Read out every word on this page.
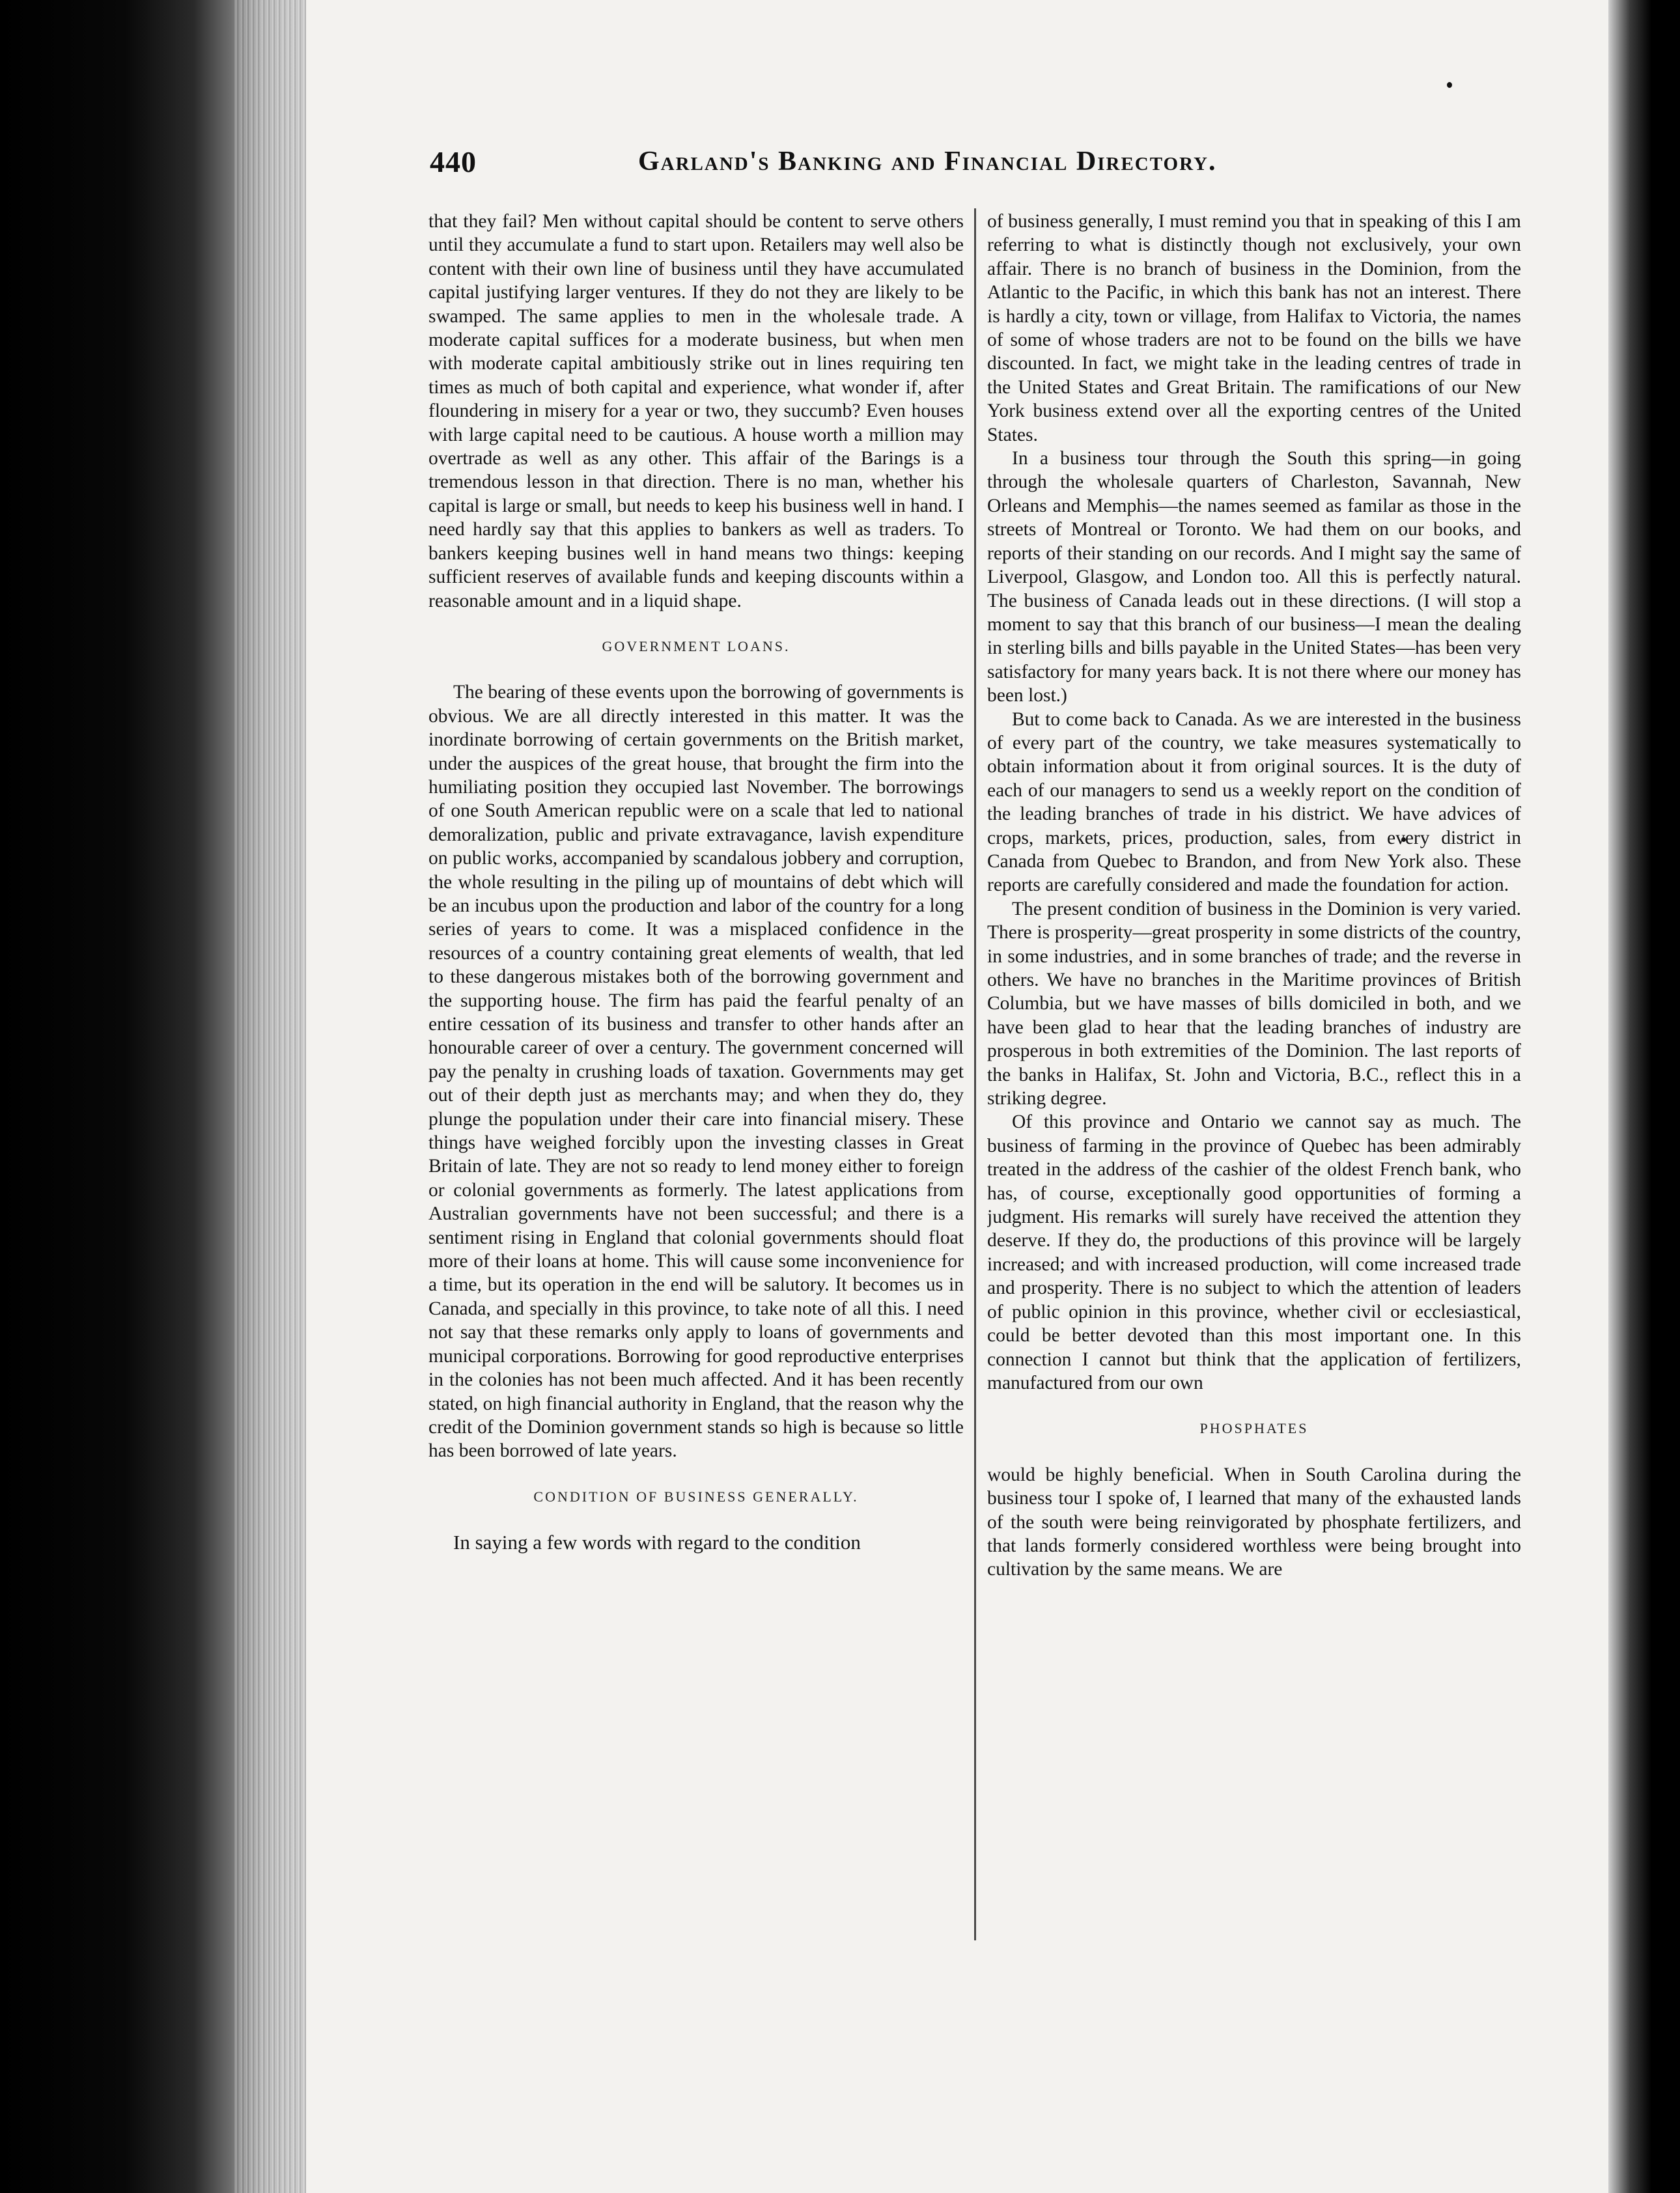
440	Garland's Banking and Financial Directory.

that they fail? Men without capital should be content to serve others until they accumulate a fund to start upon. Retailers may well also be content with their own line of business until they have accumulated capital justifying larger ventures. If they do not they are likely to be swamped. The same applies to men in the wholesale trade. A moderate capital suffices for a moderate business, but when men with moderate capital ambitiously strike out in lines requiring ten times as much of both capital and experience, what wonder if, after floundering in misery for a year or two, they succumb? Even houses with large capital need to be cautious. A house worth a million may overtrade as well as any other. This affair of the Barings is a tremendous lesson in that direction. There is no man, whether his capital is large or small, but needs to keep his business well in hand. I need hardly say that this applies to bankers as well as traders. To bankers keeping busines well in hand means two things: keeping sufficient reserves of available funds and keeping discounts within a reasonable amount and in a liquid shape.

GOVERNMENT LOANS.

The bearing of these events upon the borrowing of governments is obvious. We are all directly interested in this matter. It was the inordinate borrowing of certain governments on the British market, under the auspices of the great house, that brought the firm into the humiliating position they occupied last November. The borrowings of one South American republic were on a scale that led to national demoralization, public and private extravagance, lavish expenditure on public works, accompanied by scandalous jobbery and corruption, the whole resulting in the piling up of mountains of debt which will be an incubus upon the production and labor of the country for a long series of years to come. It was a misplaced confidence in the resources of a country containing great elements of wealth, that led to these dangerous mistakes both of the borrowing government and the supporting house. The firm has paid the fearful penalty of an entire cessation of its business and transfer to other hands after an honourable career of over a century. The government concerned will pay the penalty in crushing loads of taxation. Governments may get out of their depth just as merchants may; and when they do, they plunge the population under their care into financial misery. These things have weighed forcibly upon the investing classes in Great Britain of late. They are not so ready to lend money either to foreign or colonial governments as formerly. The latest applications from Australian governments have not been successful; and there is a sentiment rising in England that colonial governments should float more of their loans at home. This will cause some inconvenience for a time, but its operation in the end will be salutory. It becomes us in Canada, and specially in this province, to take note of all this. I need not say that these remarks only apply to loans of governments and municipal corporations. Borrowing for good reproductive enterprises in the colonies has not been much affected. And it has been recently stated, on high financial authority in England, that the reason why the credit of the Dominion government stands so high is because so little has been borrowed of late years.

CONDITION OF BUSINESS GENERALLY.

In saying a few words with regard to the condition

of business generally, I must remind you that in speaking of this I am referring to what is distinctly though not exclusively, your own affair. There is no branch of business in the Dominion, from the Atlantic to the Pacific, in which this bank has not an interest. There is hardly a city, town or village, from Halifax to Victoria, the names of some of whose traders are not to be found on the bills we have discounted. In fact, we might take in the leading centres of trade in the United States and Great Britain. The ramifications of our New York business extend over all the exporting centres of the United States.

In a business tour through the South this spring—in going through the wholesale quarters of Charleston, Savannah, New Orleans and Memphis—the names seemed as familar as those in the streets of Montreal or Toronto. We had them on our books, and reports of their standing on our records. And I might say the same of Liverpool, Glasgow, and London too. All this is perfectly natural. The business of Canada leads out in these directions. (I will stop a moment to say that this branch of our business—I mean the dealing in sterling bills and bills payable in the United States—has been very satisfactory for many years back. It is not there where our money has been lost.)

But to come back to Canada. As we are interested in the business of every part of the country, we take measures systematically to obtain information about it from original sources. It is the duty of each of our managers to send us a weekly report on the condition of the leading branches of trade in his district. We have advices of crops, markets, prices, production, sales, from every district in Canada from Quebec to Brandon, and from New York also. These reports are carefully considered and made the foundation for action.

The present condition of business in the Dominion is very varied. There is prosperity—great prosperity in some districts of the country, in some industries, and in some branches of trade; and the reverse in others. We have no branches in the Maritime provinces of British Columbia, but we have masses of bills domiciled in both, and we have been glad to hear that the leading branches of industry are prosperous in both extremities of the Dominion. The last reports of the banks in Halifax, St. John and Victoria, B.C., reflect this in a striking degree.

Of this province and Ontario we cannot say as much. The business of farming in the province of Quebec has been admirably treated in the address of the cashier of the oldest French bank, who has, of course, exceptionally good opportunities of forming a judgment. His remarks will surely have received the attention they deserve. If they do, the productions of this province will be largely increased; and with increased production, will come increased trade and prosperity. There is no subject to which the attention of leaders of public opinion in this province, whether civil or ecclesiastical, could be better devoted than this most important one. In this connection I cannot but think that the application of fertilizers, manufactured from our own

PHOSPHATES

would be highly beneficial. When in South Carolina during the business tour I spoke of, I learned that many of the exhausted lands of the south were being reinvigorated by phosphate fertilizers, and that lands formerly considered worthless were being brought into cultivation by the same means. We are
